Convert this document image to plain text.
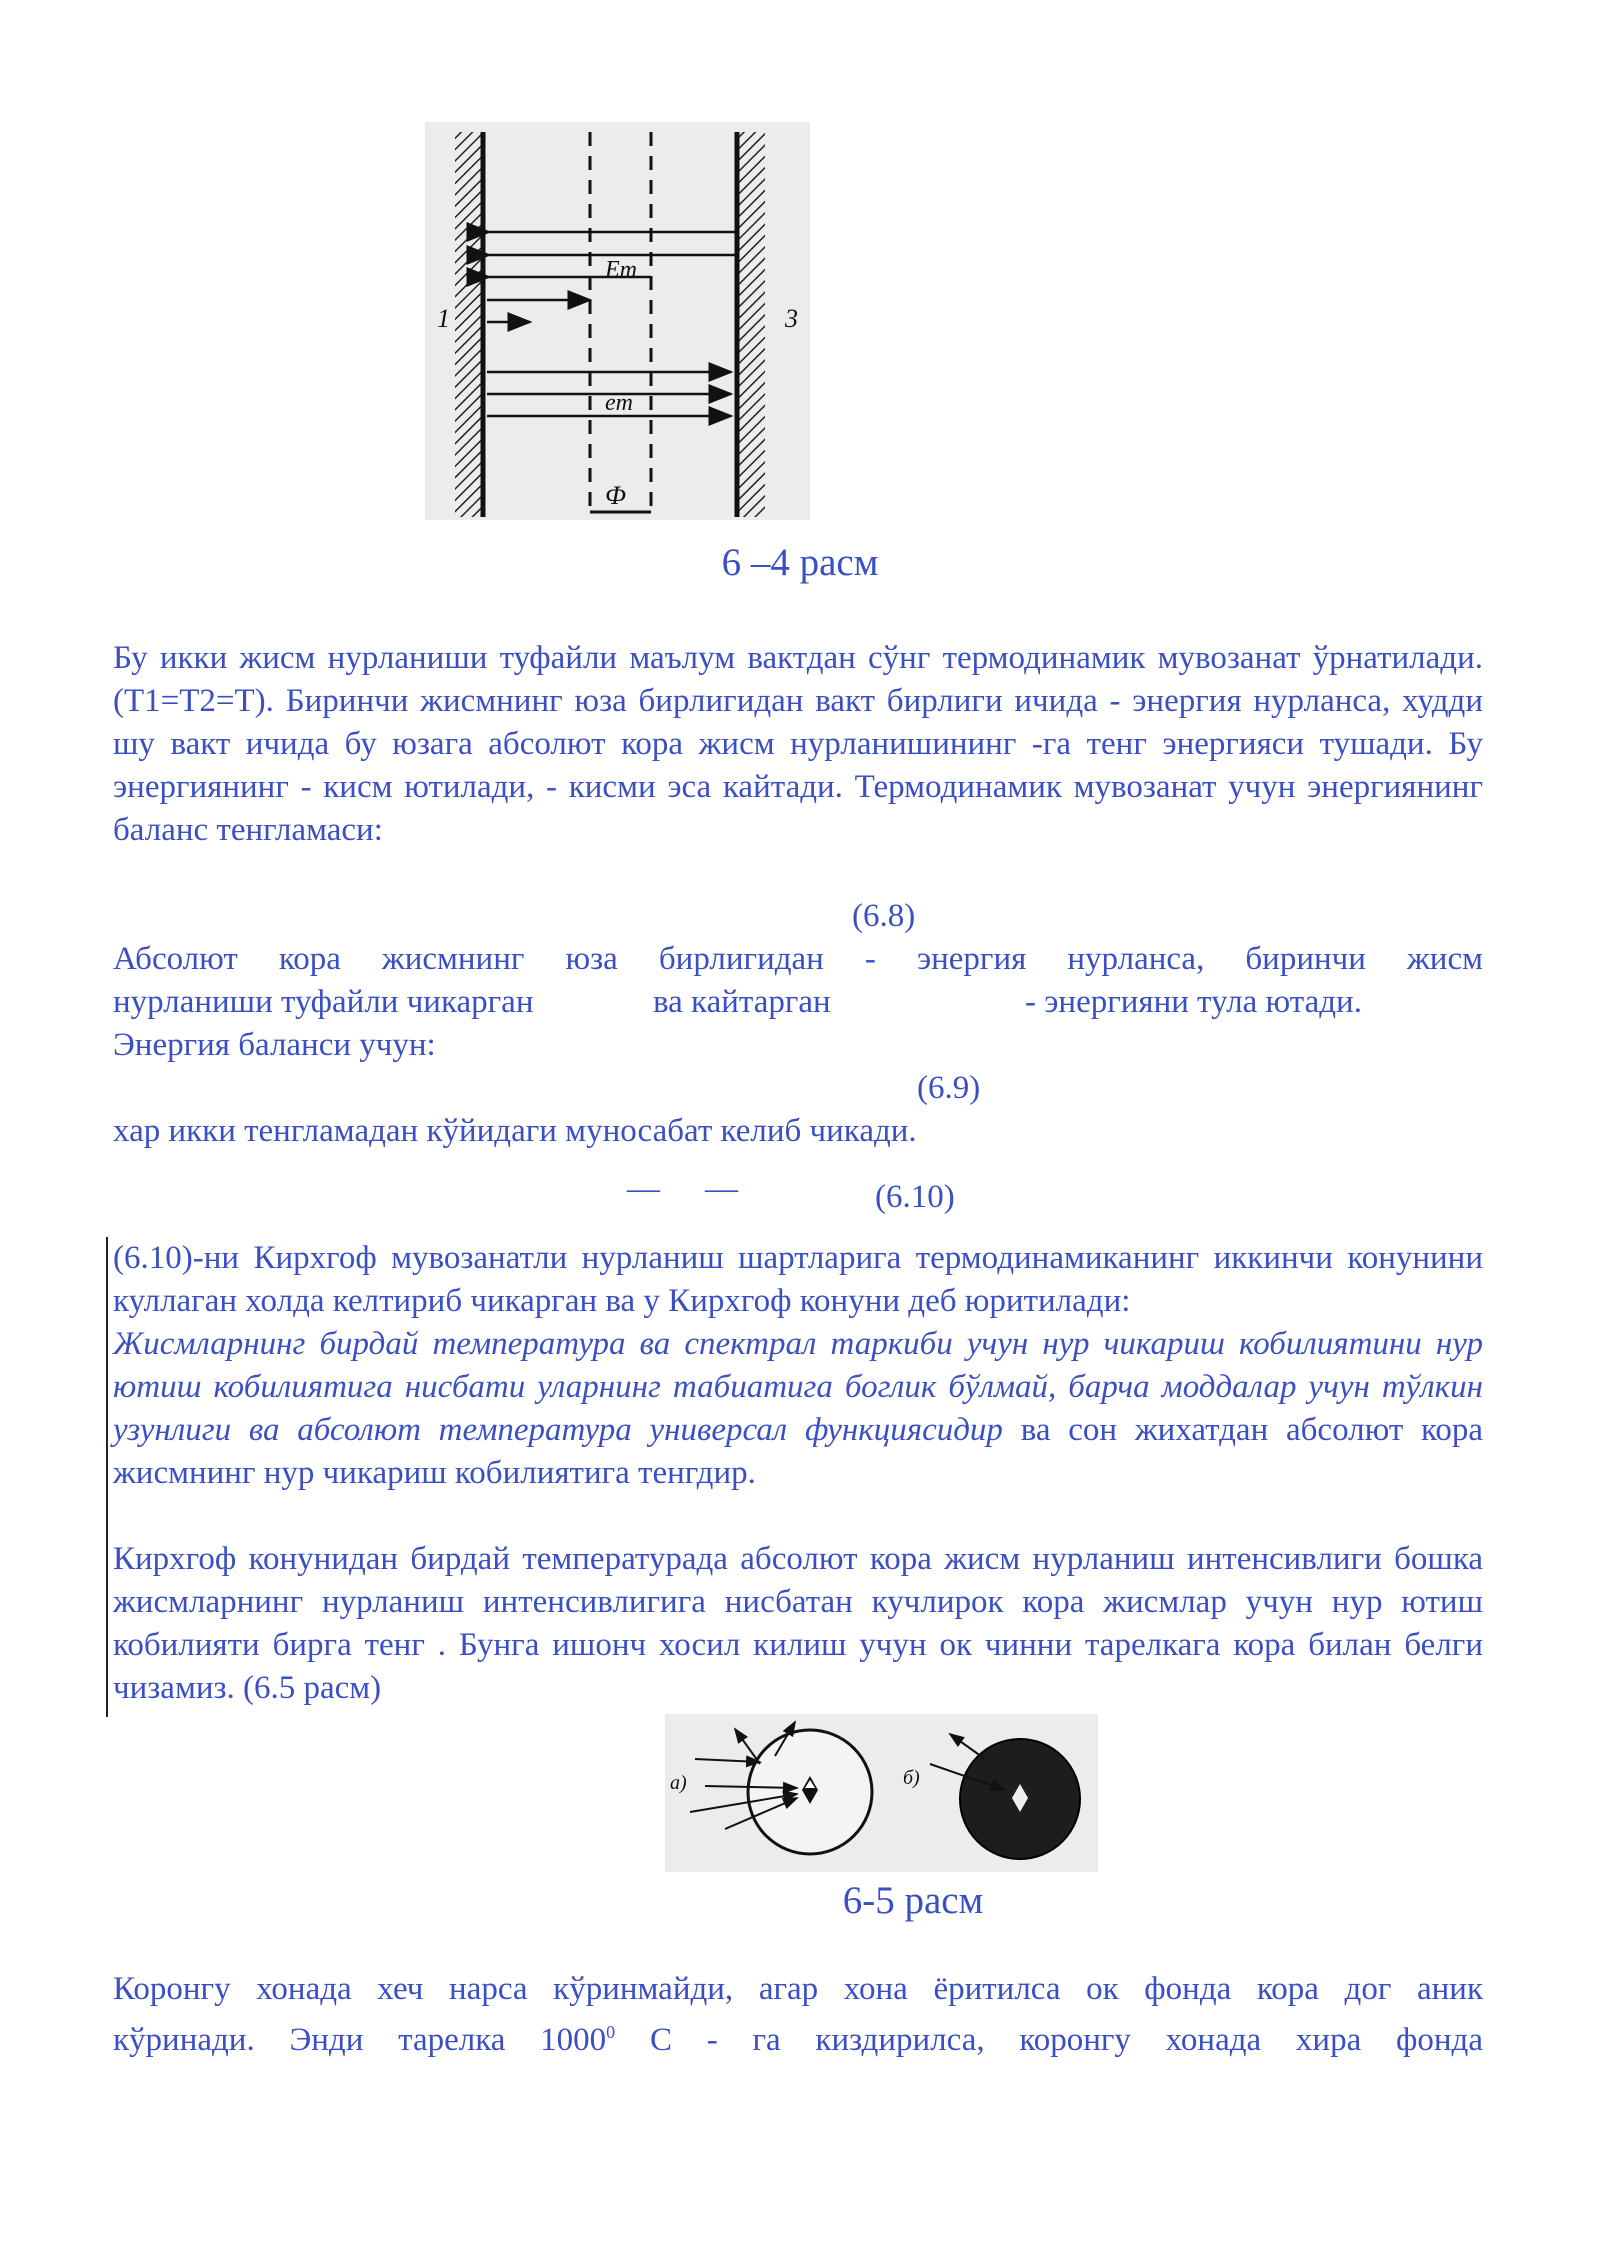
1	3
Eт
eт
Ф
6 –4 расм
Бу икки жисм нурланиши туфайли маълум вактдан сўнг термодинамик мувозанат ўрнатилади. (Т1=Т2=Т). Биринчи жисмнинг юза бирлигидан вакт бирлиги ичида - энергия нурланса, худди шу вакт ичида бу юзага абсолют кора жисм нурланишининг -га тенг энергияси тушади. Бу энергиянинг - кисм ютилади, - кисми эса кайтади. Термодинамик мувозанат учун энергиянинг баланс тенгламаси:
(6.8)
Абсолют кора жисмнинг юза бирлигидан - энергия нурланса, биринчи жисм
нурланиши туфайли чикарган	ва кайтарган	- энергияни тула ютади.
Энергия баланси учун:
(6.9)
хар икки тенгламадан кўйидаги муносабат келиб чикади.
— —	(6.10)
(6.10)-ни Кирхгоф мувозанатли нурланиш шартларига термодинамиканинг иккинчи конунини куллаган холда келтириб чикарган ва у Кирхгоф конуни деб юритилади:
Жисмларнинг бирдай температура ва спектрал таркиби учун нур чикариш кобилиятини нур ютиш кобилиятига нисбати уларнинг табиатига боглик бўлмай, барча моддалар учун тўлкин узунлиги ва абсолют температура универсал функциясидир ва сон жихатдан абсолют кора жисмнинг нур чикариш кобилиятига тенгдир.
Кирхгоф конунидан бирдай температурада абсолют кора жисм нурланиш интенсивлиги бошка жисмларнинг нурланиш интенсивлигига нисбатан кучлирок кора жисмлар учун нур ютиш кобилияти бирга тенг . Бунга ишонч хосил килиш учун ок чинни тарелкага кора билан белги чизамиз. (6.5 расм)
а)	б)
6-5 расм
Коронгу хонада хеч нарса кўринмайди, агар хона ёритилса ок фонда кора дог аник
кўринади. Энди тарелка 1000$^0$ С - га киздирилса, коронгу хонада хира фонда
